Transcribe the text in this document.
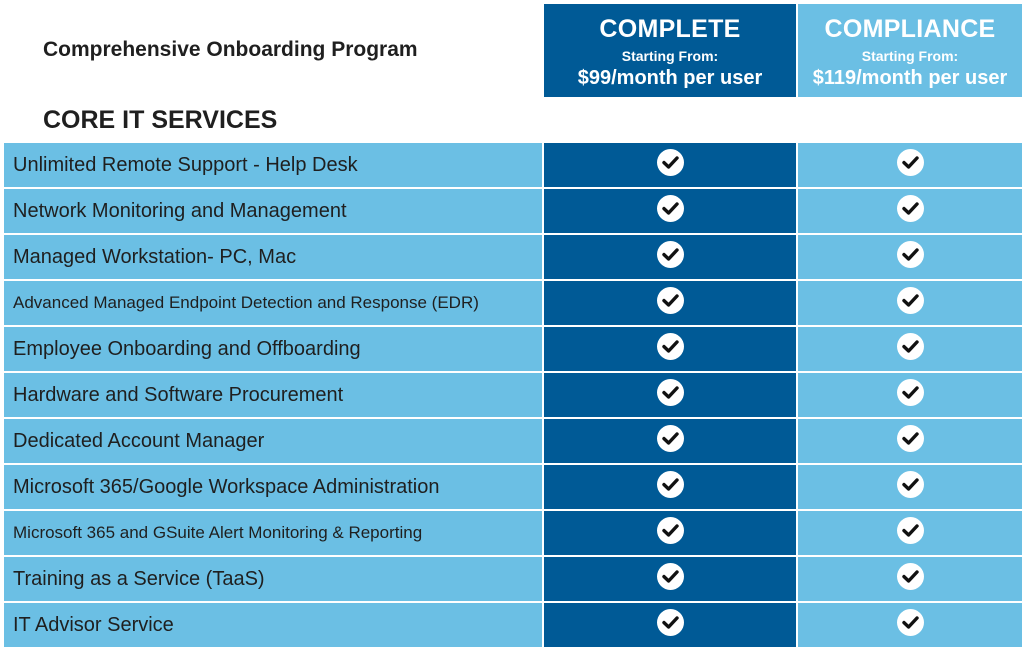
Comprehensive Onboarding Program
CORE IT SERVICES
COMPLETE
Starting From:
$99/month per user
COMPLIANCE
Starting From:
$119/month per user
Unlimited Remote Support - Help Desk
Network Monitoring and Management
Managed Workstation- PC, Mac
Advanced Managed Endpoint Detection and Response (EDR)
Employee Onboarding and Offboarding
Hardware and Software Procurement
Dedicated Account Manager
Microsoft 365/Google Workspace Administration
Microsoft 365 and GSuite Alert Monitoring & Reporting
Training as a Service (TaaS)
IT Advisor Service
